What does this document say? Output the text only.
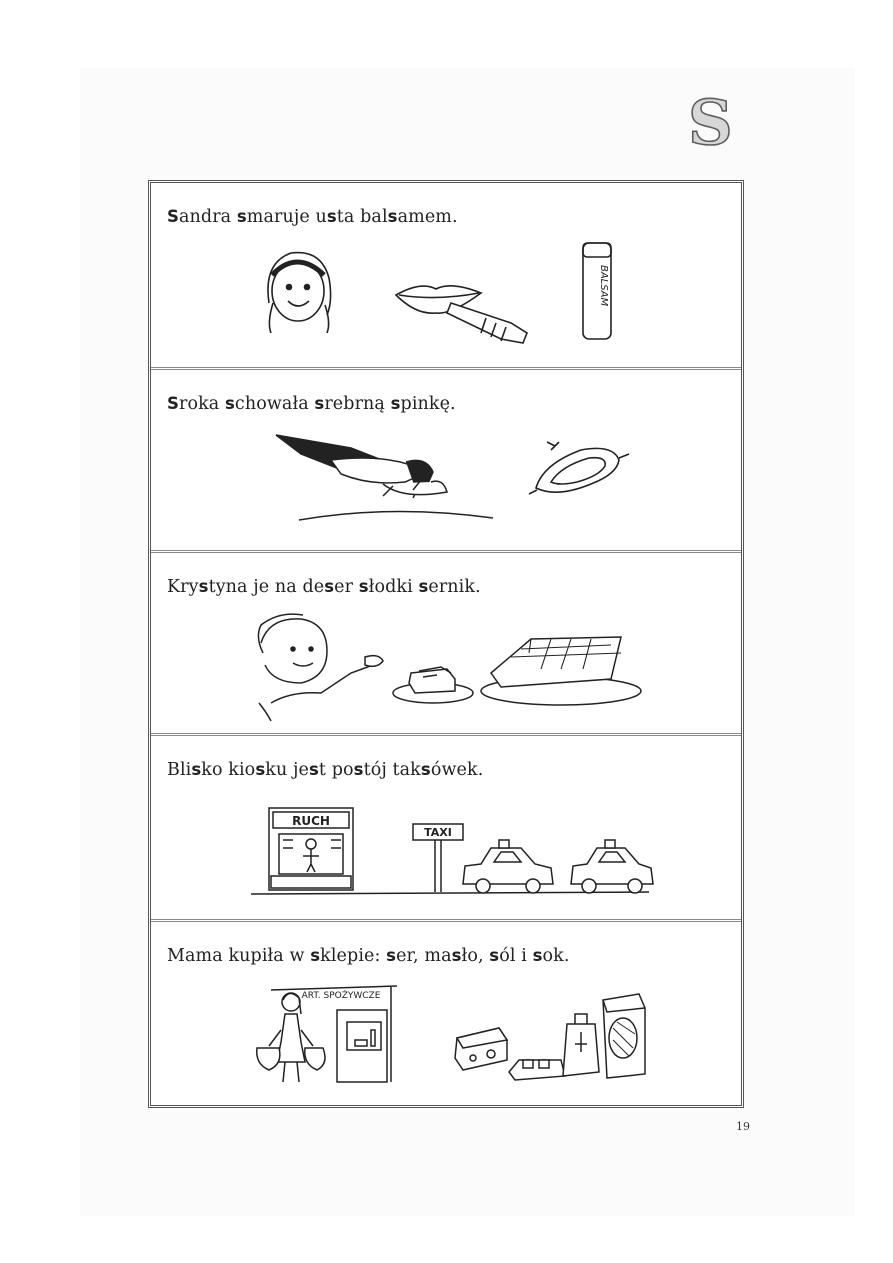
S
Sandra smaruje usta balsamem.
BALSAM
Sroka schowała srebrną spinkę.
Krystyna je na deser słodki sernik.
Blisko kiosku jest postój taksówek.
RUCH
TAXI
Mama kupiła w sklepie: ser, masło, sól i sok.
ART. SPOŻYWCZE
19
